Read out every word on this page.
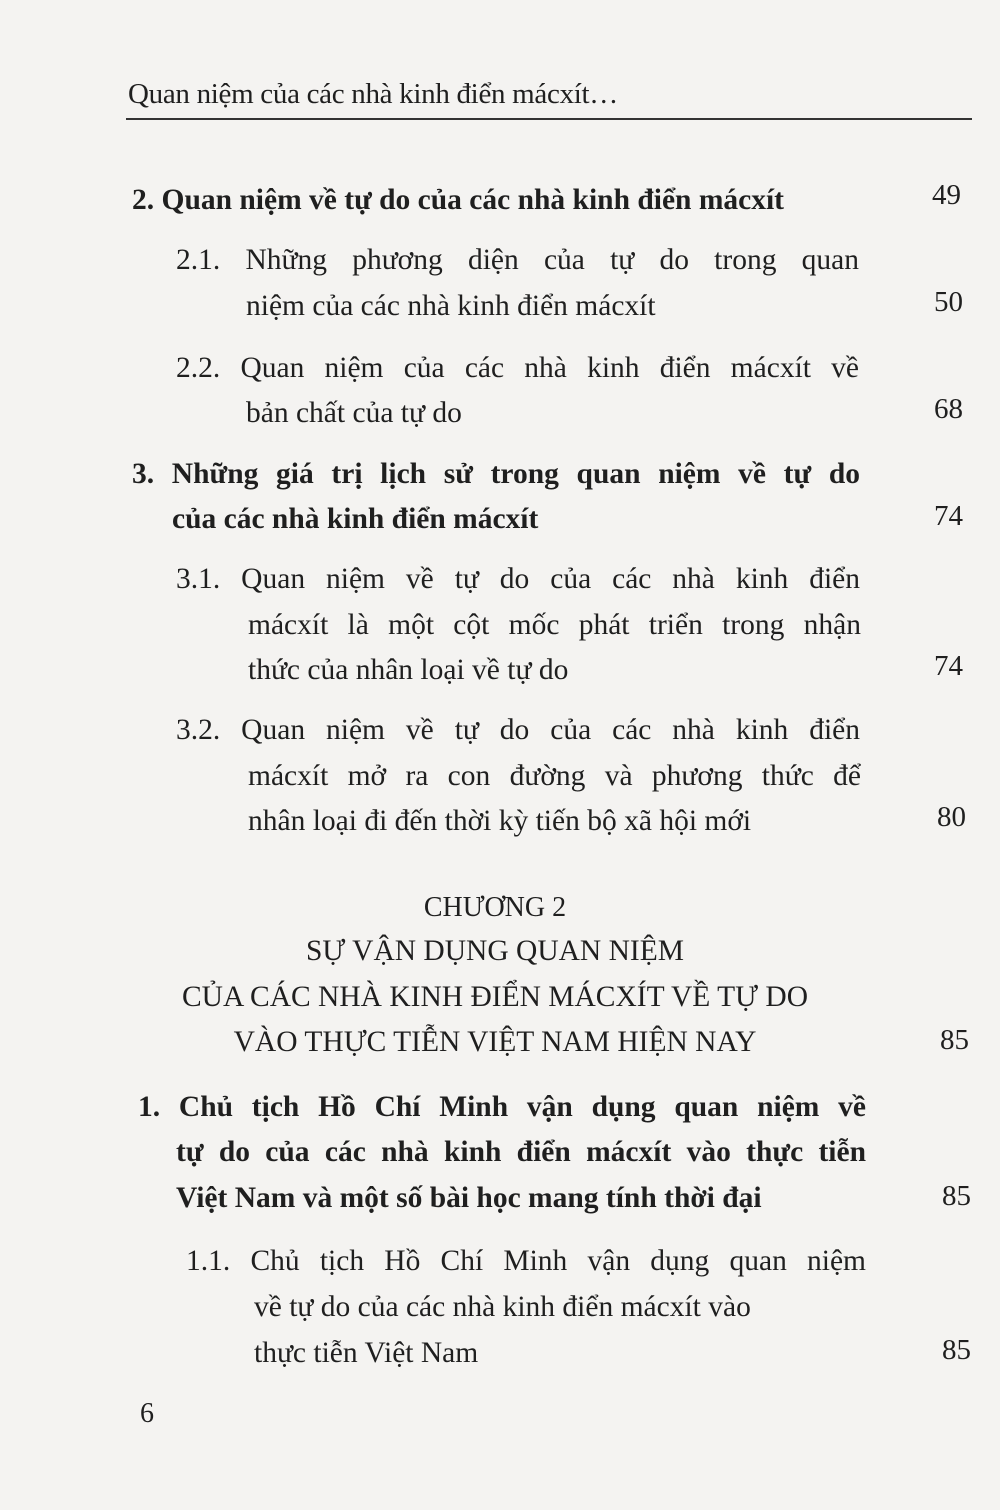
Quan niệm của các nhà kinh điển mácxít…
2. Quan niệm về tự do của các nhà kinh điển mácxít	49
2.1. Những phương diện của tự do trong quan
niệm của các nhà kinh điển mácxít	50
2.2. Quan niệm của các nhà kinh điển mácxít về
bản chất của tự do	68
3. Những giá trị lịch sử trong quan niệm về tự do
của các nhà kinh điển mácxít	74
3.1. Quan niệm về tự do của các nhà kinh điển
mácxít là một cột mốc phát triển trong nhận
thức của nhân loại về tự do	74
3.2. Quan niệm về tự do của các nhà kinh điển
mácxít mở ra con đường và phương thức để
nhân loại đi đến thời kỳ tiến bộ xã hội mới	80
CHƯƠNG 2
SỰ VẬN DỤNG QUAN NIỆM
CỦA CÁC NHÀ KINH ĐIỂN MÁCXÍT VỀ TỰ DO
VÀO THỰC TIỄN VIỆT NAM HIỆN NAY	85
1. Chủ tịch Hồ Chí Minh vận dụng quan niệm về
tự do của các nhà kinh điển mácxít vào thực tiễn
Việt Nam và một số bài học mang tính thời đại	85
1.1. Chủ tịch Hồ Chí Minh vận dụng quan niệm
về tự do của các nhà kinh điển mácxít vào
thực tiễn Việt Nam	85
6
